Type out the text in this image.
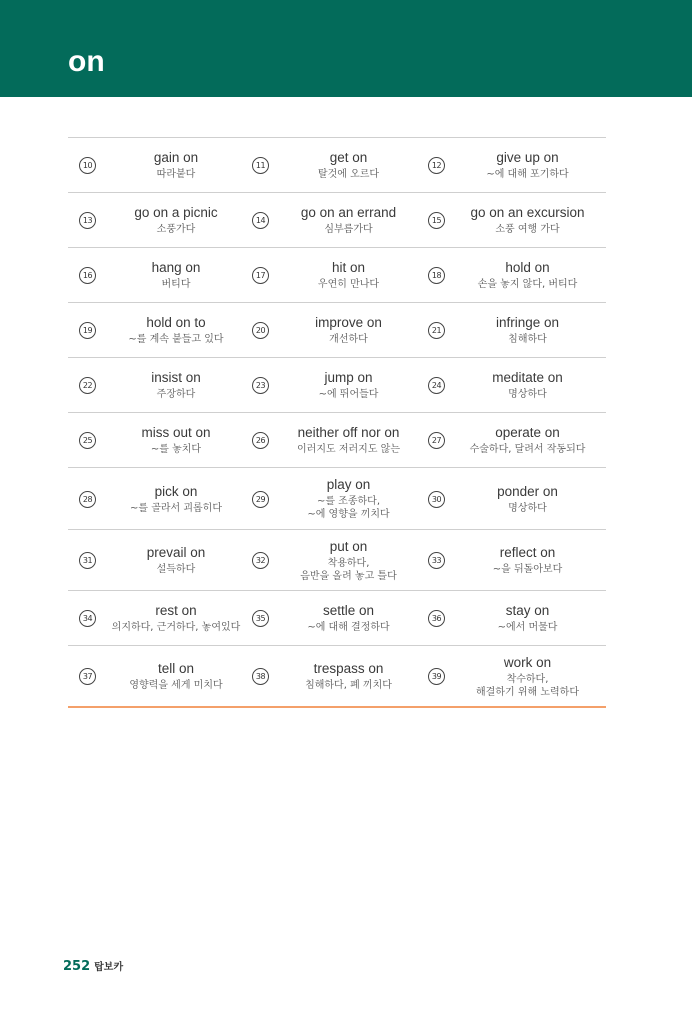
on
10
gain on
따라붙다
11
get on
탈것에 오르다
12
give up on
~에 대해 포기하다
13
go on a picnic
소풍가다
14
go on an errand
심부름가다
15
go on an excursion
소풍 여행 가다
16
hang on
버티다
17
hit on
우연히 만나다
18
hold on
손을 놓지 않다, 버티다
19
hold on to
~를 계속 붙들고 있다
20
improve on
개선하다
21
infringe on
침해하다
22
insist on
주장하다
23
jump on
~에 뛰어들다
24
meditate on
명상하다
25
miss out on
~를 놓치다
26
neither off nor on
이러지도 저러지도 않는
27
operate on
수술하다, 달려서 작동되다
28
pick on
~를 골라서 괴롭히다
29
play on
~를 조종하다,
~에 영향을 끼치다
30
ponder on
명상하다
31
prevail on
설득하다
32
put on
착용하다,
음반을 올려 놓고 틀다
33
reflect on
~을 뒤돌아보다
34
rest on
의지하다, 근거하다, 놓여있다
35
settle on
~에 대해 결정하다
36
stay on
~에서 머물다
37
tell on
영향력을 세게 미치다
38
trespass on
침해하다, 폐 끼치다
39
work on
착수하다,
해결하기 위해 노력하다
252 탑보카
